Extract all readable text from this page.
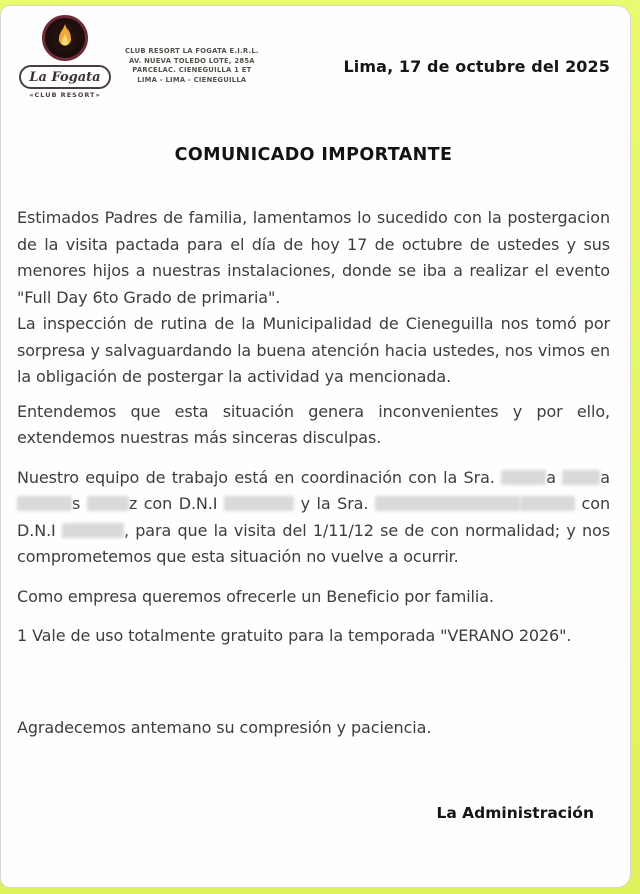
La Fogata
«CLUB RESORT»
CLUB RESORT LA FOGATA E.I.R.L.
AV. NUEVA TOLEDO LOTE, 285A
PARCELAC. CIENEGUILLA 1 ET
LIMA - LIMA - CIENEGUILLA
Lima, 17 de octubre del 2025
COMUNICADO IMPORTANTE

Estimados Padres de familia, lamentamos lo sucedido con la postergacion de la visita pactada para el día de hoy 17 de octubre de ustedes y sus menores hijos a nuestras instalaciones, donde se iba a realizar el evento "Full Day 6to Grado de primaria".

La inspección de rutina de la Municipalidad de Cieneguilla nos tomó por sorpresa y salvaguardando la buena atención hacia ustedes, nos vimos en la obligación de postergar la actividad ya mencionada.

Entendemos que esta situación genera inconvenientes y por ello, extendemos nuestras más sinceras disculpas.

Nuestro equipo de trabajo está en coordinación con la Sra.	a a s	z con D.N.I	y la Sra.	con D.N.I	, para que la visita del 1/11/12 se de con normalidad; y nos comprometemos que esta situación no vuelve a ocurrir.

Como empresa queremos ofrecerle un Beneficio por familia.

1 Vale de uso totalmente gratuito para la temporada "VERANO 2026".

Agradecemos antemano su compresión y paciencia.

La Administración
